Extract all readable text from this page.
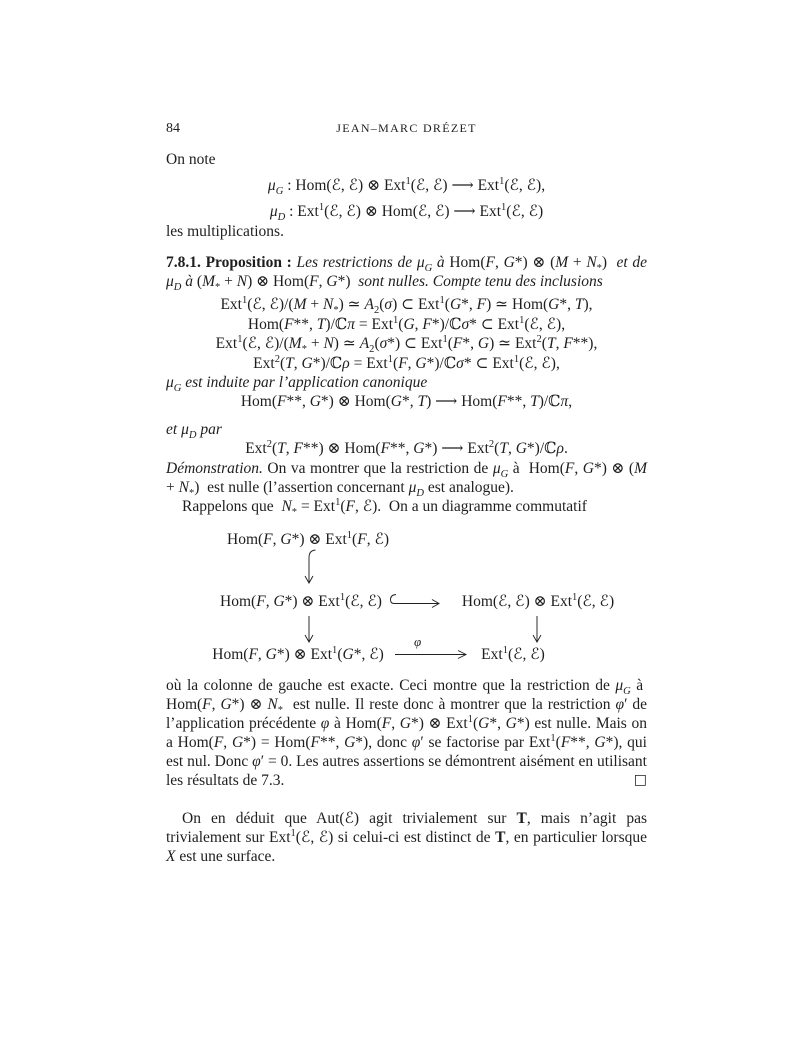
84	JEAN–MARC DRÉZET

On note

$\mu_G$ : Hom(ℰ, ℰ) ⊗ Ext$^1$(ℰ, ℰ) ⟶ Ext$^1$(ℰ, ℰ),

$\mu_D$ : Ext$^1$(ℰ, ℰ) ⊗ Hom(ℰ, ℰ) ⟶ Ext$^1$(ℰ, ℰ)

les multiplications.

7.8.1. Proposition : Les restrictions de $\mu_G$ à Hom(F, G*) ⊗ $(M + N_*)$  et de $\mu_D$ à $(M_* + N)$ ⊗ Hom(F, G*)  sont nulles. Compte tenu des inclusions

Ext$^1$(ℰ, ℰ)/(M + $N_*$) ≃ $A_2(\sigma)$ ⊂ Ext$^1$(G*, F) ≃ Hom(G*, T),

Hom(F**, T)/ℂπ = Ext$^1$(G, F*)/ℂσ* ⊂ Ext$^1$(ℰ, ℰ),

Ext$^1$(ℰ, $ℰ)/(M_* + N)$ ≃ $A_2(\sigma*)$ ⊂ Ext$^1$(F*, G) ≃ Ext$^2$(T, F**),

Ext$^2$(T, G*)/ℂρ = Ext$^1$(F, G*)/ℂσ* ⊂ Ext$^1$(ℰ, ℰ),

$\mu_G$ est induite par l’application canonique

Hom(F**, G*) ⊗ Hom(G*, T) ⟶ Hom(F**, T)/ℂπ,

et $\mu_D$ par

Ext$^2$(T, F**) ⊗ Hom(F**, G*) ⟶ Ext$^2$(T, G*)/ℂρ.

Démonstration. On va montrer que la restriction de $\mu_G$ à  Hom(F, G*) ⊗ $(M + N_*)$  est nulle (l’assertion concernant $\mu_D$ est analogue).

Rappelons que  $N_* = Ext^1(F$, ℰ).  On a un diagramme commutatif

Hom(F, G*) ⊗ Ext$^1$(F, ℰ)
Hom(F, G*) ⊗ Ext$^1$(ℰ, ℰ)	Hom(ℰ, ℰ) ⊗ Ext$^1$(ℰ, ℰ)
Hom(F, G*) ⊗ Ext$^1$(G*, ℰ)	Ext$^1$(ℰ, ℰ)
φ

où la colonne de gauche est exacte. Ceci montre que la restriction de $\mu_G$ à  Hom(F, G*) ⊗ $N_*$  est nulle. Il reste donc à montrer que la restriction φ′ de l’application précédente φ à Hom(F, G*) ⊗ Ext$^1$(G*, G*) est nulle. Mais on a Hom(F, G*) = Hom(F**, G*), donc φ′ se factorise par Ext$^1$(F**, G*), qui est nul. Donc φ′ = 0. Les autres assertions se démontrent aisément en utilisant les résultats de 7.3.	□

On en déduit que Aut(ℰ) agit trivialement sur T, mais n’agit pas trivialement sur Ext$^1$(ℰ, ℰ) si celui-ci est distinct de T, en particulier lorsque X est une surface.
